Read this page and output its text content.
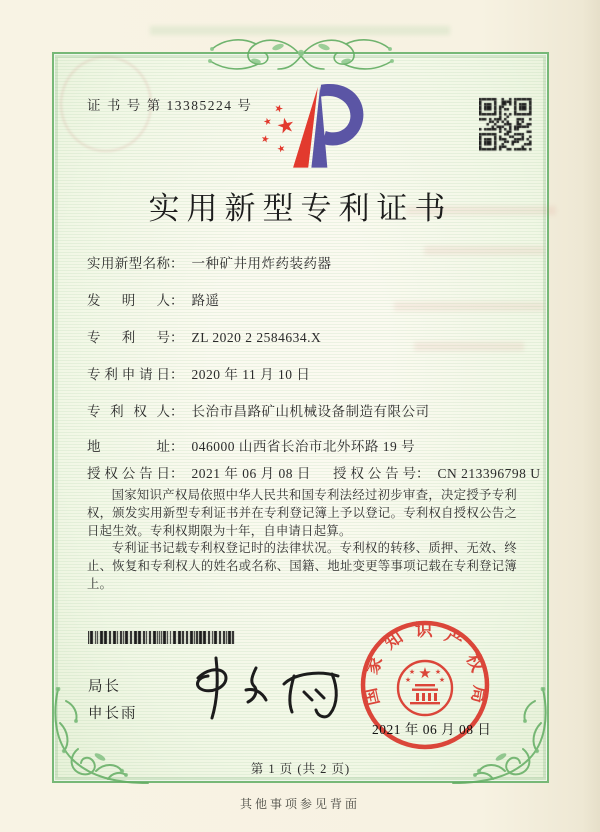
证 书 号 第 13385224 号
★
★
★
★
★
实用新型专利证书
实用新型名称： 一种矿井用炸药装药器
发明人： 路遥
专利号： ZL 2020 2 2584634.X
专利申请日： 2020 年 11 月 10 日
专利权人： 长治市昌路矿山机械设备制造有限公司
地址： 046000 山西省长治市北外环路 19 号
授权公告日： 2021 年 06 月 08 日 授权公告号： CN 213396798 U

国家知识产权局依照中华人民共和国专利法经过初步审查，决定授予专利权，颁发实用新型专利证书并在专利登记簿上予以登记。专利权自授权公告之日起生效。专利权期限为十年，自申请日起算。

专利证书记载专利权登记时的法律状况。专利权的转移、质押、无效、终止、恢复和专利权人的姓名或名称、国籍、地址变更等事项记载在专利登记簿上。

局长
申长雨
国家知识产权局
★
★	★
★	★
2021 年 06 月 08 日
第 1 页 (共 2 页)
其他事项参见背面
